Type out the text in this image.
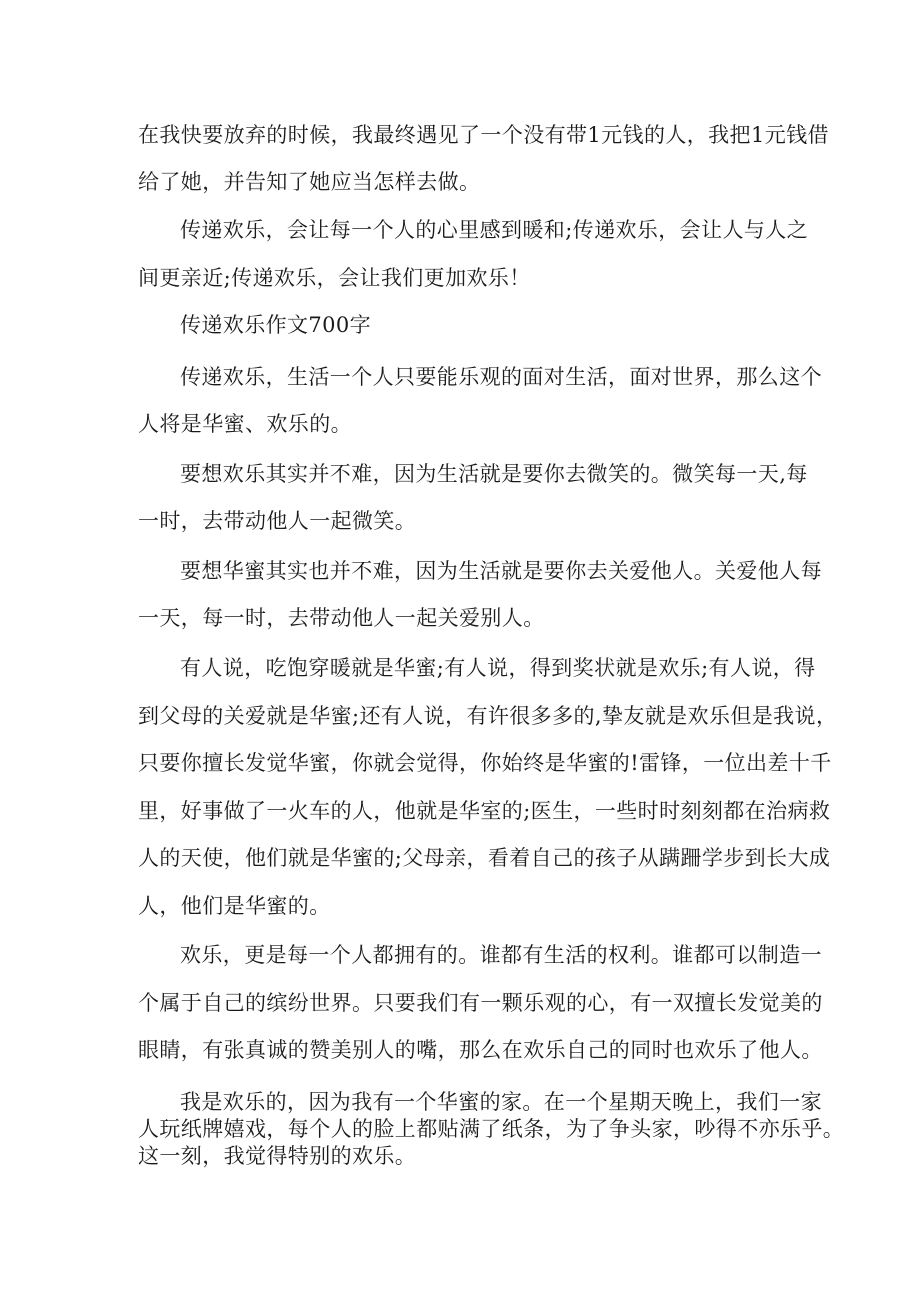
在我快要放弃的时候，我最终遇见了一个没有带1元钱的人，我把1元钱借
给了她，并告知了她应当怎样去做。
传递欢乐，会让每一个人的心里感到暖和;传递欢乐，会让人与人之
间更亲近;传递欢乐，会让我们更加欢乐！
传递欢乐作文700字
传递欢乐，生活一个人只要能乐观的面对生活，面对世界，那么这个
人将是华蜜、欢乐的。
要想欢乐其实并不难，因为生活就是要你去微笑的。微笑每一天,每
一时，去带动他人一起微笑。
要想华蜜其实也并不难，因为生活就是要你去关爱他人。关爱他人每
一天，每一时，去带动他人一起关爱别人。
有人说，吃饱穿暖就是华蜜;有人说，得到奖状就是欢乐;有人说，得
到父母的关爱就是华蜜;还有人说，有许很多多的,挚友就是欢乐但是我说，
只要你擅长发觉华蜜，你就会觉得，你始终是华蜜的!雷锋，一位出差十千
里，好事做了一火车的人，他就是华室的;医生，一些时时刻刻都在治病救
人的天使，他们就是华蜜的;父母亲，看着自己的孩子从蹒跚学步到长大成
人，他们是华蜜的。
欢乐，更是每一个人都拥有的。谁都有生活的权利。谁都可以制造一
个属于自己的缤纷世界。只要我们有一颗乐观的心，有一双擅长发觉美的
眼睛，有张真诚的赞美别人的嘴，那么在欢乐自己的同时也欢乐了他人。
我是欢乐的，因为我有一个华蜜的家。在一个星期天晚上，我们一家
人玩纸牌嬉戏，每个人的脸上都贴满了纸条，为了争头家，吵得不亦乐乎。
这一刻，我觉得特别的欢乐。
